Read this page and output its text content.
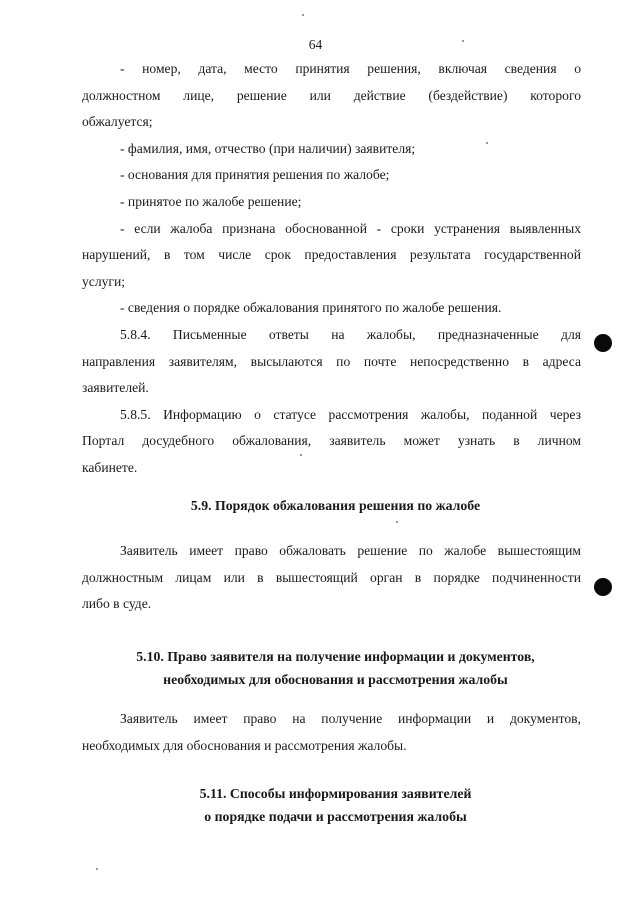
64
- номер, дата, место принятия решения, включая сведения о
должностном лице, решение или действие (бездействие) которого
обжалуется;
- фамилия, имя, отчество (при наличии) заявителя;
- основания для принятия решения по жалобе;
- принятое по жалобе решение;
- если жалоба признана обоснованной - сроки устранения выявленных
нарушений, в том числе срок предоставления результата государственной
услуги;
- сведения о порядке обжалования принятого по жалобе решения.
5.8.4. Письменные ответы на жалобы, предназначенные для
направления заявителям, высылаются по почте непосредственно в адреса
заявителей.
5.8.5. Информацию о статусе рассмотрения жалобы, поданной через
Портал досудебного обжалования, заявитель может узнать в личном
кабинете.
5.9. Порядок обжалования решения по жалобе
Заявитель имеет право обжаловать решение по жалобе вышестоящим
должностным лицам или в вышестоящий орган в порядке подчиненности
либо в суде.
5.10. Право заявителя на получение информации и документов,
необходимых для обоснования и рассмотрения жалобы
Заявитель имеет право на получение информации и документов,
необходимых для обоснования и рассмотрения жалобы.
5.11. Способы информирования заявителей
о порядке подачи и рассмотрения жалобы
